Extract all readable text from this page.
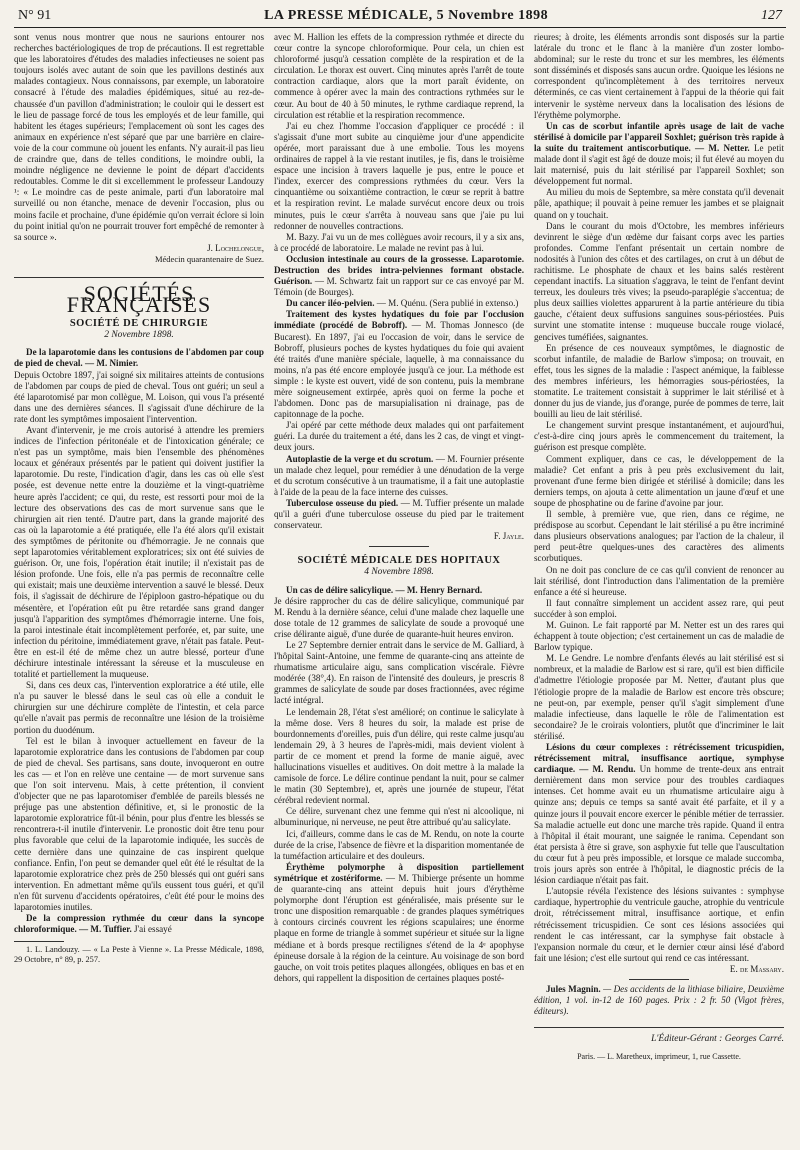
N° 91	LA PRESSE MÉDICALE, 5 Novembre 1898	127

sont venus nous montrer que nous ne saurions entourer nos recherches bactériologiques de trop de précautions. Il est regrettable que les laboratoires d'études des maladies infectieuses ne soient pas toujours isolés avec autant de soin que les pavillons destinés aux malades contagieux. Nous connaissons, par exemple, un laboratoire consacré à l'étude des maladies épidémiques, situé au rez-de-chaussée d'un pavillon d'administration; le couloir qui le dessert est le lieu de passage forcé de tous les employés et de leur famille, qui habitent les étages supérieurs; l'emplacement où sont les cages des animaux en expérience n'est séparé que par une barrière en claire-voie de la cour commune où jouent les enfants. N'y aurait-il pas lieu de craindre que, dans de telles conditions, le moindre oubli, la moindre négligence ne devienne le point de départ d'accidents redoutables. Comme le dit si excellemment le professeur Landouzy ¹: « Le moindre cas de peste animale, parti d'un laboratoire mal surveillé ou non étanche, menace de devenir l'occasion, plus ou moins facile et prochaine, d'une épidémie qu'on verrait éclore si loin du point initial qu'on ne pourrait trouver fort empêché de remonter à sa source ».

J. Lochelongue,

Médecin quarantenaire de Suez.

SOCIÉTÉS FRANÇAISES
SOCIÉTÉ DE CHIRURGIE
2 Novembre 1898.

De la laparotomie dans les contusions de l'abdomen par coup de pied de cheval. — M. Nimier.

Depuis Octobre 1897, j'ai soigné six militaires atteints de contusions de l'abdomen par coups de pied de cheval. Tous ont guéri; un seul a été laparotomisé par mon collègue, M. Loison, qui vous l'a présenté dans une des dernières séances. Il s'agissait d'une déchirure de la rate dont les symptômes imposaient l'intervention.

Avant d'intervenir, je me crois autorisé à attendre les premiers indices de l'infection péritonéale et de l'intoxication générale; ce n'est pas un symptôme, mais bien l'ensemble des phénomènes locaux et généraux présentés par le patient qui doivent justifier la laparotomie. Du reste, l'indication d'agir, dans les cas où elle s'est posée, est devenue nette entre la douzième et la vingt-quatrième heure après l'accident; ce qui, du reste, est ressorti pour moi de la lecture des observations des cas de mort survenue sans que le chirurgien ait rien tenté. D'autre part, dans la grande majorité des cas où la laparotomie a été pratiquée, elle l'a été alors qu'il existait des symptômes de péritonite ou d'hémorragie. Je ne connais que sept laparotomies véritablement exploratrices; six ont été suivies de guérison. Or, une fois, l'opération était inutile; il n'existait pas de lésion profonde. Une fois, elle n'a pas permis de reconnaître celle qui existait; mais une deuxième intervention a sauvé le blessé. Deux fois, il s'agissait de déchirure de l'épiploon gastro-hépatique ou du mésentère, et l'opération eût pu être retardée sans grand danger jusqu'à l'apparition des symptômes d'hémorragie interne. Une fois, la paroi intestinale était incomplètement perforée, et, par suite, une infection du péritoine, immédiatement grave, n'était pas fatale. Peut-être en est-il été de même chez un autre blessé, porteur d'une déchirure intestinale intéressant la séreuse et la musculeuse en totalité et partiellement la muqueuse.

Si, dans ces deux cas, l'intervention exploratrice a été utile, elle n'a pu sauver le blessé dans le seul cas où elle a conduit le chirurgien sur une déchirure complète de l'intestin, et cela parce qu'elle n'avait pas permis de reconnaître une lésion de la troisième portion du duodénum.

Tel est le bilan à invoquer actuellement en faveur de la laparotomie exploratrice dans les contusions de l'abdomen par coup de pied de cheval. Ses partisans, sans doute, invoqueront en outre les cas — et l'on en relève une centaine — de mort survenue sans que l'on soit intervenu. Mais, à cette prétention, il convient d'objecter que ne pas laparotomiser d'emblée de pareils blessés ne préjuge pas une abstention définitive, et, si le pronostic de la laparotomie exploratrice fût-il bénin, pour plus d'entre les blessés se rencontrera-t-il inutile d'intervenir. Le pronostic doit être tenu pour plus favorable que celui de la laparotomie indiquée, les succès de cette dernière dans une quinzaine de cas inspirent quelque confiance. Enfin, l'on peut se demander quel eût été le résultat de la laparotomie exploratrice chez près de 250 blessés qui ont guéri sans intervention. En admettant même qu'ils eussent tous guéri, et qu'il n'en fût survenu d'accidents opératoires, c'eût été pour le moins des laparotomies inutiles.

De la compression rythmée du cœur dans la syncope chloroformique. — M. Tuffier. J'ai essayé

1. L. Landouzy. — « La Peste à Vienne ». La Presse Médicale, 1898, 29 Octobre, n° 89, p. 257.

avec M. Hallion les effets de la compression rythmée et directe du cœur contre la syncope chloroformique. Pour cela, un chien est chloroformé jusqu'à cessation complète de la respiration et de la circulation. Le thorax est ouvert. Cinq minutes après l'arrêt de toute contraction cardiaque, alors que la mort paraît évidente, on commence à opérer avec la main des contractions rythmées sur le cœur. Au bout de 40 à 50 minutes, le rythme cardiaque reprend, la circulation est rétablie et la respiration recommence.

J'ai eu chez l'homme l'occasion d'appliquer ce procédé : il s'agissait d'une mort subite au cinquième jour d'une appendicite opérée, mort paraissant due à une embolie. Tous les moyens ordinaires de rappel à la vie restant inutiles, je fis, dans le troisième espace une incision à travers laquelle je pus, entre le pouce et l'index, exercer des compressions rythmées du cœur. Vers la cinquantième ou soixantième contraction, le cœur se reprit à battre et la respiration revint. Le malade survécut encore deux ou trois minutes, puis le cœur s'arrêta à nouveau sans que j'aie pu lui redonner de nouvelles contractions.

M. Bazy. J'ai vu un de mes collègues avoir recours, il y a six ans, à ce procédé de laboratoire. Le malade ne revint pas à lui.

Occlusion intestinale au cours de la grossesse. Laparotomie. Destruction des brides intra-pelviennes formant obstacle. Guérison. — M. Schwartz fait un rapport sur ce cas envoyé par M. Témoin (de Bourges).

Du cancer iléo-pelvien. — M. Quénu. (Sera publié in extenso.)

Traitement des kystes hydatiques du foie par l'occlusion immédiate (procédé de Bobroff). — M. Thomas Jonnesco (de Bucarest). En 1897, j'ai eu l'occasion de voir, dans le service de Bobroff, plusieurs poches de kystes hydatiques du foie qui avaient été traités d'une manière spéciale, laquelle, à ma connaissance du moins, n'a pas été encore employée jusqu'à ce jour. La méthode est simple : le kyste est ouvert, vidé de son contenu, puis la membrane mère soigneusement extirpée, après quoi on ferme la poche et l'abdomen. Donc pas de marsupialisation ni drainage, pas de capitonnage de la poche.

J'ai opéré par cette méthode deux malades qui ont parfaitement guéri. La durée du traitement a été, dans les 2 cas, de vingt et vingt-deux jours.

Autoplastie de la verge et du scrotum. — M. Fournier présente un malade chez lequel, pour remédier à une dénudation de la verge et du scrotum consécutive à un traumatisme, il a fait une autoplastie à l'aide de la peau de la face interne des cuisses.

Tuberculose osseuse du pied. — M. Tuffier présente un malade qu'il a guéri d'une tuberculose osseuse du pied par le traitement conservateur.

F. Jayle.

SOCIÉTÉ MÉDICALE DES HOPITAUX
4 Novembre 1898.

Un cas de délire salicylique. — M. Henry Bernard.

Je désire rapprocher du cas de délire salicylique, communiqué par M. Rendu à la dernière séance, celui d'une malade chez laquelle une dose totale de 12 grammes de salicylate de soude a provoqué une crise délirante aiguë, d'une durée de quarante-huit heures environ.

Le 27 Septembre dernier entrait dans le service de M. Galliard, à l'hôpital Saint-Antoine, une femme de quarante-cinq ans atteinte de rhumatisme articulaire aigu, sans complication viscérale. Fièvre modérée (38°,4). En raison de l'intensité des douleurs, je prescris 8 grammes de salicylate de soude par doses fractionnées, avec régime lacté intégral.

Le lendemain 28, l'état s'est amélioré; on continue le salicylate à la même dose. Vers 8 heures du soir, la malade est prise de bourdonnements d'oreilles, puis d'un délire, qui reste calme jusqu'au lendemain 29, à 3 heures de l'après-midi, mais devient violent à partir de ce moment et prend la forme de manie aiguë, avec hallucinations visuelles et auditives. On doit mettre à la malade la camisole de force. Le délire continue pendant la nuit, pour se calmer le matin (30 Septembre), et, après une journée de stupeur, l'état cérébral redevient normal.

Ce délire, survenant chez une femme qui n'est ni alcoolique, ni albuminurique, ni nerveuse, ne peut être attribué qu'au salicylate.

Ici, d'ailleurs, comme dans le cas de M. Rendu, on note la courte durée de la crise, l'absence de fièvre et la disparition momentanée de la tuméfaction articulaire et des douleurs.

Érythème polymorphe à disposition partiellement symétrique et zostériforme. — M. Thibierge présente un homme de quarante-cinq ans atteint depuis huit jours d'érythème polymorphe dont l'éruption est généralisée, mais présente sur le tronc une disposition remarquable : de grandes plaques symétriques à contours circinés couvrent les régions scapulaires; une énorme plaque en forme de triangle à sommet supérieur et située sur la ligne médiane et à bords presque rectilignes s'étend de la 4ᵉ apophyse épineuse dorsale à la région de la ceinture. Au voisinage de son bord gauche, on voit trois petites plaques allongées, obliques en bas et en dehors, qui rappellent la disposition de certaines plaques posté-

rieures; à droite, les éléments arrondis sont disposés sur la partie latérale du tronc et le flanc à la manière d'un zoster lombo-abdominal; sur le reste du tronc et sur les membres, les éléments sont disséminés et disposés sans aucun ordre. Quoique les lésions ne correspondent qu'incomplètement à des territoires nerveux déterminés, ce cas vient certainement à l'appui de la théorie qui fait intervenir le système nerveux dans la localisation des lésions de l'érythème polymorphe.

Un cas de scorbut infantile après usage de lait de vache stérilisé à domicile par l'appareil Soxhlet; guérison très rapide à la suite du traitement antiscorbutique. — M. Netter. Le petit malade dont il s'agit est âgé de douze mois; il fut élevé au moyen du lait maternisé, puis du lait stérilisé par l'appareil Soxhlet; son développement fut normal.

Au milieu du mois de Septembre, sa mère constata qu'il devenait pâle, apathique; il pouvait à peine remuer les jambes et se plaignait quand on y touchait.

Dans le courant du mois d'Octobre, les membres inférieurs devinrent le siège d'un œdème dur faisant corps avec les parties profondes. Comme l'enfant présentait un certain nombre de nodosités à l'union des côtes et des cartilages, on crut à un début de rachitisme. Le phosphate de chaux et les bains salés restèrent cependant inactifs. La situation s'aggrava, le teint de l'enfant devint terreux, les douleurs très vives; la pseudo-paraplégie s'accentua; de plus deux saillies violettes apparurent à la partie antérieure du tibia gauche, c'étaient deux suffusions sanguines sous-périostées. Puis survint une stomatite intense : muqueuse buccale rouge violacé, gencives tuméfiées, saignantes.

En présence de ces nouveaux symptômes, le diagnostic de scorbut infantile, de maladie de Barlow s'imposa; on trouvait, en effet, tous les signes de la maladie : l'aspect anémique, la faiblesse des membres inférieurs, les hémorragies sous-périostées, la stomatite. Le traitement consistait à supprimer le lait stérilisé et à donner du jus de viande, jus d'orange, purée de pommes de terre, lait bouilli au lieu de lait stérilisé.

Le changement survint presque instantanément, et aujourd'hui, c'est-à-dire cinq jours après le commencement du traitement, la guérison est presque complète.

Comment expliquer, dans ce cas, le développement de la maladie? Cet enfant a pris à peu près exclusivement du lait, provenant d'une ferme bien dirigée et stérilisé à domicile; dans les derniers temps, on ajouta à cette alimentation un jaune d'œuf et une soupe de phosphatine ou de farine d'avoine par jour.

Il semble, à première vue, que rien, dans ce régime, ne prédispose au scorbut. Cependant le lait stérilisé a pu être incriminé dans plusieurs observations analogues; par l'action de la chaleur, il perd peut-être quelques-unes des caractères des aliments scorbutiques.

On ne doit pas conclure de ce cas qu'il convient de renoncer au lait stérilisé, dont l'introduction dans l'alimentation de la première enfance a été si heureuse.

Il faut connaître simplement un accident assez rare, qui peut succéder à son emploi.

M. Guinon. Le fait rapporté par M. Netter est un des rares qui échappent à toute objection; c'est certainement un cas de maladie de Barlow typique.

M. Le Gendre. Le nombre d'enfants élevés au lait stérilisé est si nombreux, et la maladie de Barlow est si rare, qu'il est bien difficile d'admettre l'étiologie proposée par M. Netter, d'autant plus que l'étiologie propre de la maladie de Barlow est encore très obscure; ne peut-on, par exemple, penser qu'il s'agit simplement d'une maladie infectieuse, dans laquelle le rôle de l'alimentation est secondaire? Je le croirais volontiers, plutôt que d'incriminer le lait stérilisé.

Lésions du cœur complexes : rétrécissement tricuspidien, rétrécissement mitral, insuffisance aortique, symphyse cardiaque. — M. Rendu. Un homme de trente-deux ans entrait dernièrement dans mon service pour des troubles cardiaques intenses. Cet homme avait eu un rhumatisme articulaire aigu à quinze ans; depuis ce temps sa santé avait été parfaite, et il y a quinze jours il pouvait encore exercer le pénible métier de terrassier. Sa maladie actuelle eut donc une marche très rapide. Quand il entra à l'hôpital il était mourant, une saignée le ranima. Cependant son état persista à être si grave, son asphyxie fut telle que l'auscultation du cœur fut à peu près impossible, et lorsque ce malade succomba, trois jours après son entrée à l'hôpital, le diagnostic précis de la lésion cardiaque n'était pas fait.

L'autopsie révéla l'existence des lésions suivantes : symphyse cardiaque, hypertrophie du ventricule gauche, atrophie du ventricule droit, rétrécissement mitral, insuffisance aortique, et enfin rétrécissement tricuspidien. Ce sont ces lésions associées qui rendent le cas intéressant, car la symphyse fait obstacle à l'expansion normale du cœur, et le dernier cœur ainsi lésé d'abord fait une lésion; c'est elle surtout qui rend ce cas intéressant.

E. de Massary.

Jules Magnin. — Des accidents de la lithiase biliaire, Deuxième édition, 1 vol. in-12 de 160 pages. Prix : 2 fr. 50 (Vigot frères, éditeurs).

L'Éditeur-Gérant : Georges Carré.
Paris. — L. Maretheux, imprimeur, 1, rue Cassette.
